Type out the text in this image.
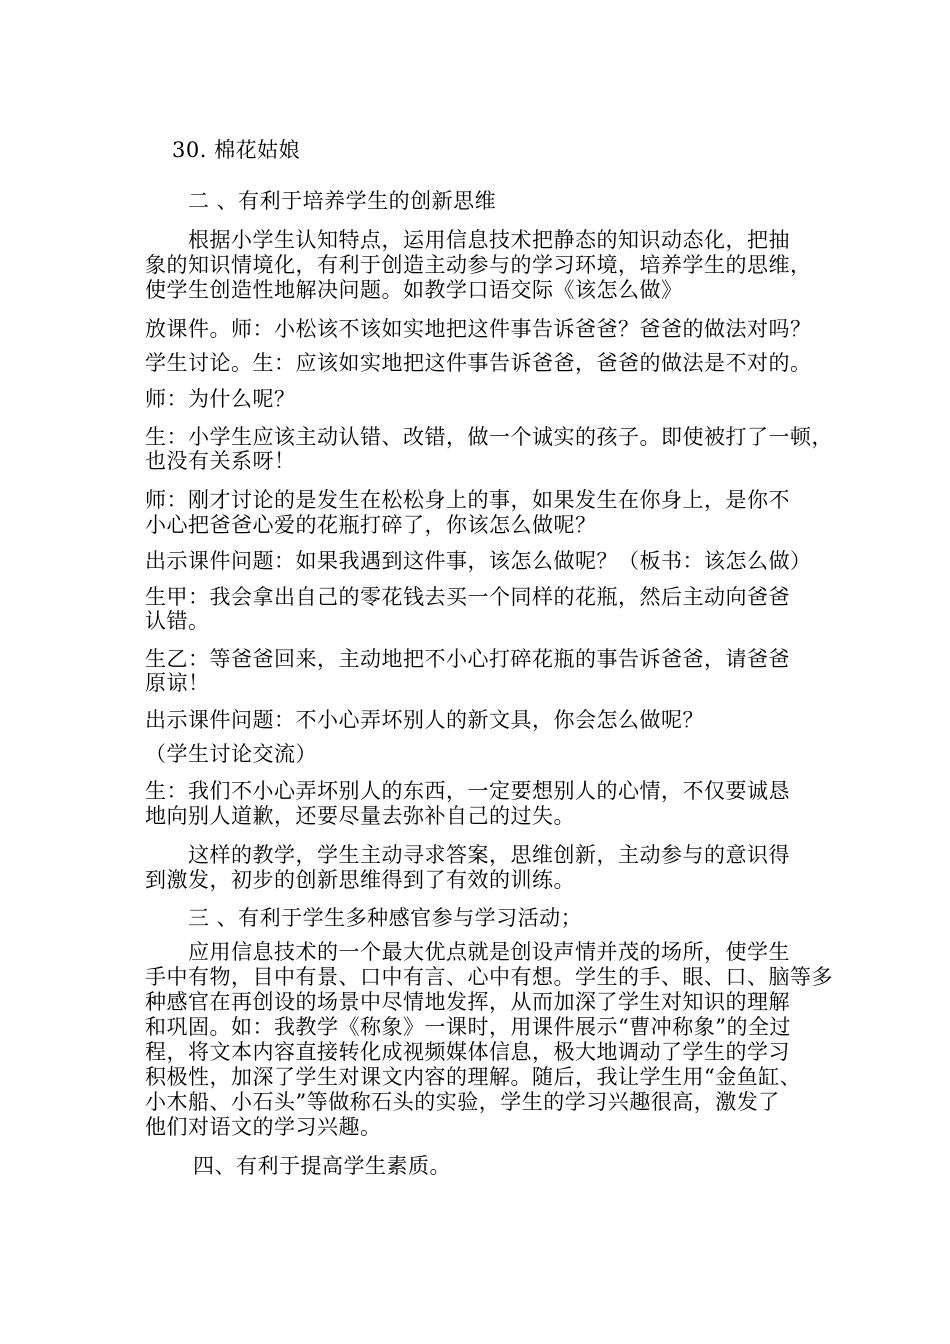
30. 棉花姑娘
二 、有利于培养学生的创新思维
根据小学生认知特点，运用信息技术把静态的知识动态化，把抽
象的知识情境化，有利于创造主动参与的学习环境，培养学生的思维，
使学生创造性地解决问题。如教学口语交际《该怎么做》
放课件。师：小松该不该如实地把这件事告诉爸爸？爸爸的做法对吗？
学生讨论。生：应该如实地把这件事告诉爸爸，爸爸的做法是不对的。
师：为什么呢？
生：小学生应该主动认错、改错，做一个诚实的孩子。即使被打了一顿，
也没有关系呀！
师：刚才讨论的是发生在松松身上的事，如果发生在你身上，是你不
小心把爸爸心爱的花瓶打碎了，你该怎么做呢？
出示课件问题：如果我遇到这件事，该怎么做呢？（板书：该怎么做）
生甲：我会拿出自己的零花钱去买一个同样的花瓶，然后主动向爸爸
认错。
生乙：等爸爸回来，主动地把不小心打碎花瓶的事告诉爸爸，请爸爸
原谅！
出示课件问题：不小心弄坏别人的新文具，你会怎么做呢？
（学生讨论交流）
生：我们不小心弄坏别人的东西，一定要想别人的心情，不仅要诚恳
地向别人道歉，还要尽量去弥补自己的过失。
这样的教学，学生主动寻求答案，思维创新，主动参与的意识得
到激发，初步的创新思维得到了有效的训练。
三 、有利于学生多种感官参与学习活动；
应用信息技术的一个最大优点就是创设声情并茂的场所，使学生
手中有物，目中有景、口中有言、心中有想。学生的手、眼、口、脑等多
种感官在再创设的场景中尽情地发挥，从而加深了学生对知识的理解
和巩固。如：我教学《称象》一课时，用课件展示“曹冲称象”的全过
程，将文本内容直接转化成视频媒体信息，极大地调动了学生的学习
积极性，加深了学生对课文内容的理解。随后，我让学生用“金鱼缸、
小木船、小石头”等做称石头的实验，学生的学习兴趣很高，激发了
他们对语文的学习兴趣。
四、有利于提高学生素质。
